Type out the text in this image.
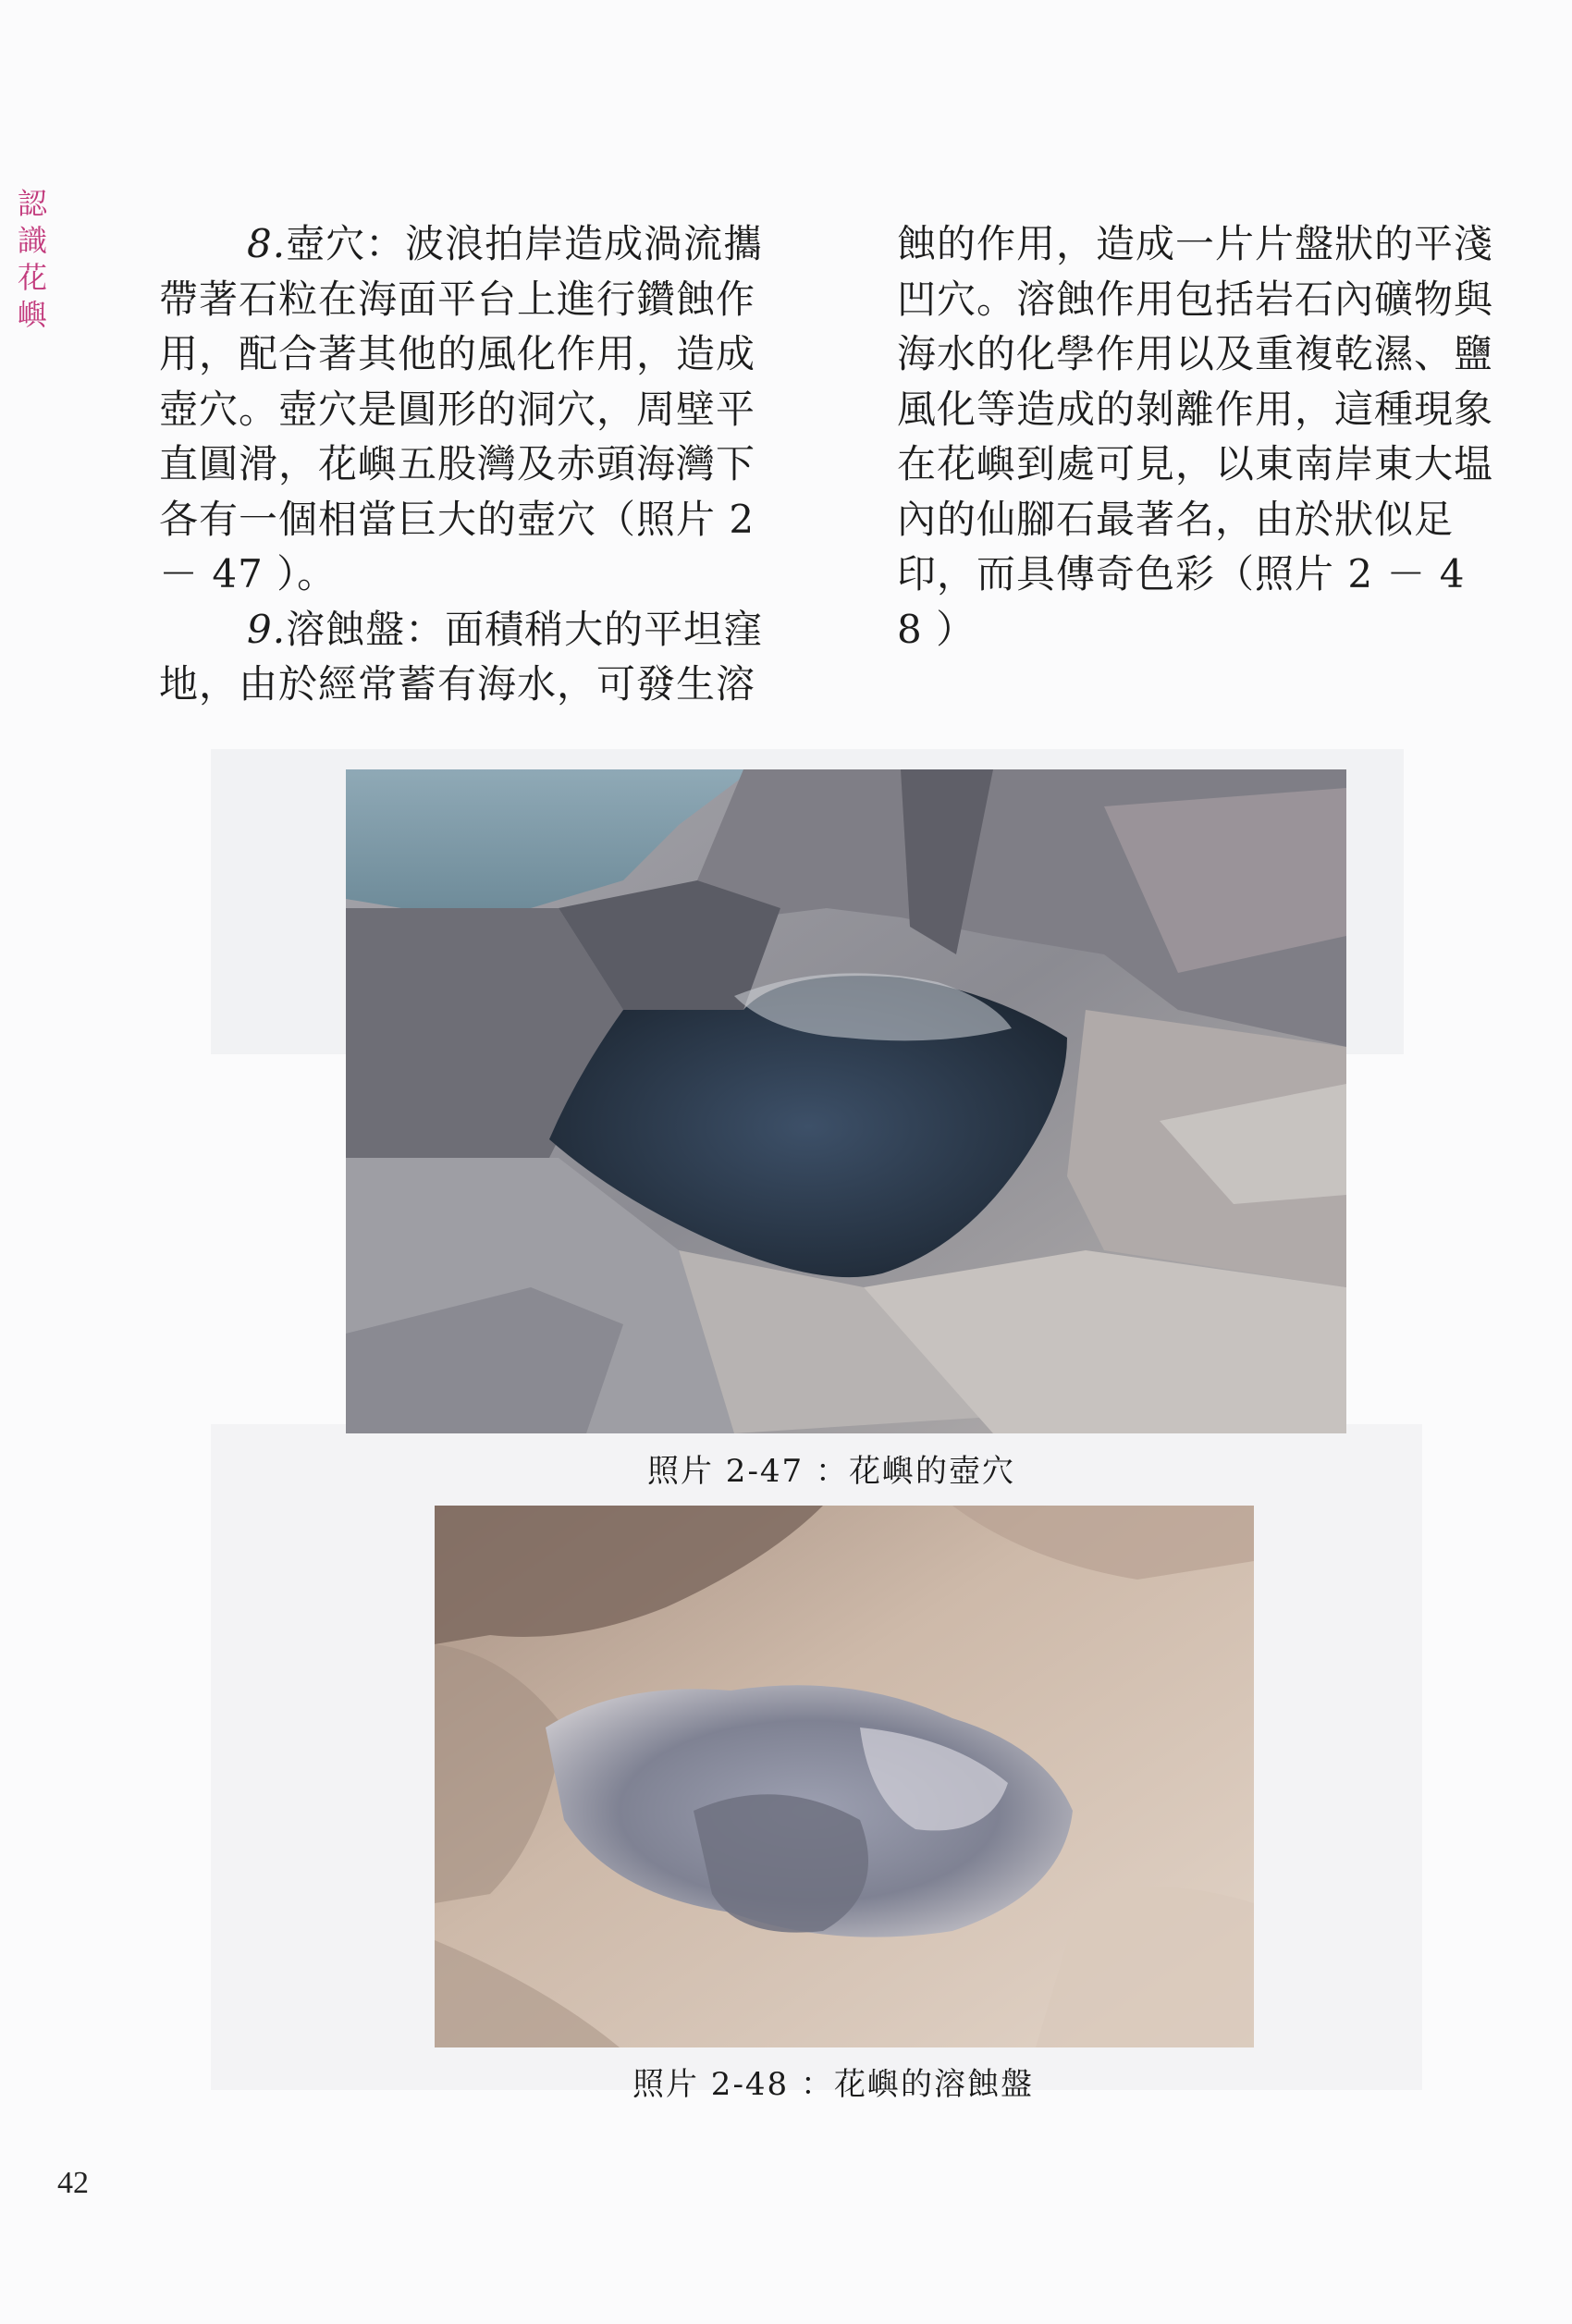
認
識
花
嶼
8.壺穴：波浪拍岸造成渦流攜
帶著石粒在海面平台上進行鑽蝕作
用，配合著其他的風化作用，造成
壺穴。壺穴是圓形的洞穴，周壁平
直圓滑，花嶼五股灣及赤頭海灣下
各有一個相當巨大的壺穴（照片 2
－ 47 ）。
9.溶蝕盤：面積稍大的平坦窪
地，由於經常蓄有海水，可發生溶
蝕的作用，造成一片片盤狀的平淺
凹穴。溶蝕作用包括岩石內礦物與
海水的化學作用以及重複乾濕、鹽
風化等造成的剝離作用，這種現象
在花嶼到處可見，以東南岸東大塭
內的仙腳石最著名，由於狀似足
印，而具傳奇色彩（照片 2 － 4
8 ）
照片 2-47 ：花嶼的壺穴
照片 2-48 ：花嶼的溶蝕盤
42
